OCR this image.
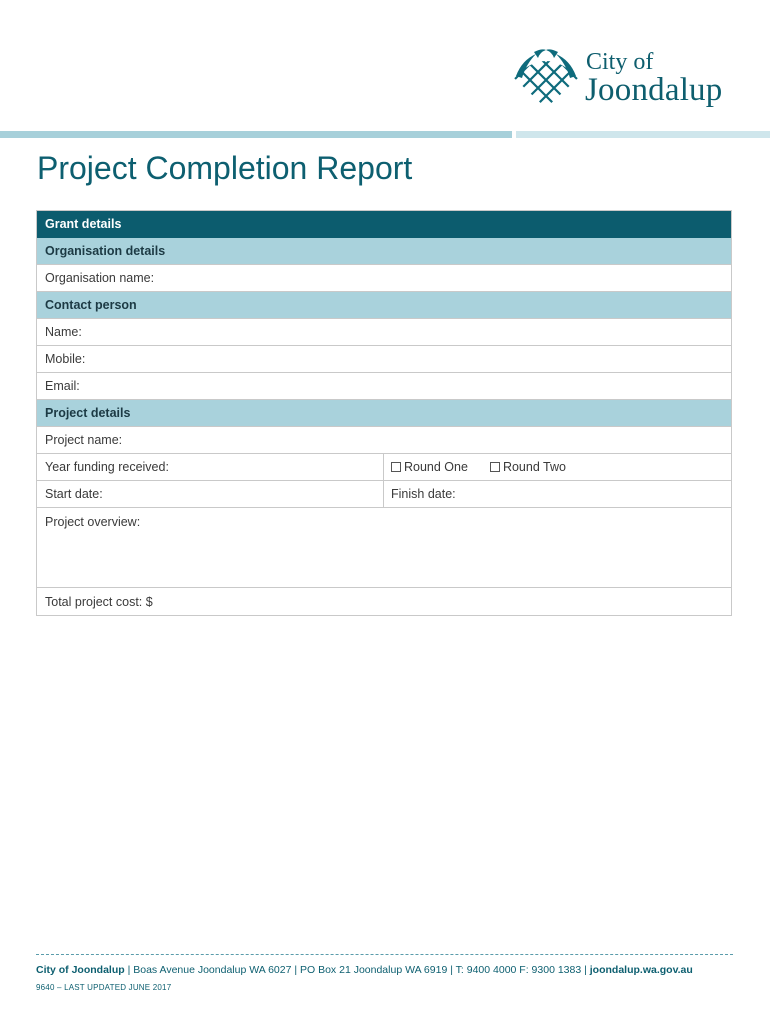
City of
Joondalup
Project Completion Report
Grant details
Organisation details
Organisation name:
Contact person
Name:
Mobile:
Email:
Project details
Project name:
Year funding received:	Round One	Round Two
Start date:	Finish date:
Project overview:
Total project cost: $
City of Joondalup | Boas Avenue Joondalup WA 6027 | PO Box 21 Joondalup WA 6919 | T: 9400 4000 F: 9300 1383 | joondalup.wa.gov.au
9640 – LAST UPDATED JUNE 2017
